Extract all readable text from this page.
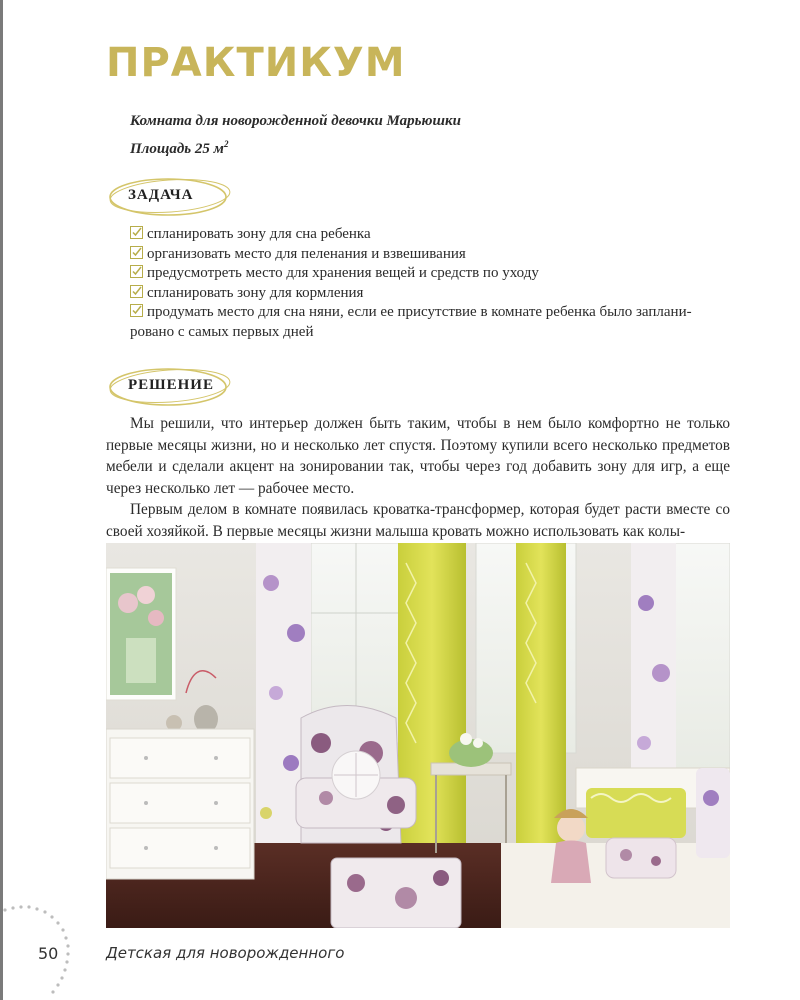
ПРАКТИКУМ
Комната для новорожденной девочки Марьюшки
Площадь 25 $м^2$
ЗАДАЧА
спланировать зону для сна ребенка
организовать место для пеленания и взвешивания
предусмотреть место для хранения вещей и средств по уходу
спланировать зону для кормления
продумать место для сна няни, если ее присутствие в комнате ребенка было заплани-
ровано с самых первых дней
РЕШЕНИЕ

Мы решили, что интерьер должен быть таким, чтобы в нем было комфортно не только первые месяцы жизни, но и несколько лет спустя. Поэтому купили всего несколько предметов мебели и сделали акцент на зонировании так, чтобы через год добавить зону для игр, а еще через несколько лет — рабочее место.

Первым делом в комнате появилась кроватка-трансформер, которая будет расти вместе со своей хозяйкой. В первые месяцы жизни малыша кровать можно использовать как колы-

50	Детская для новорожденного
